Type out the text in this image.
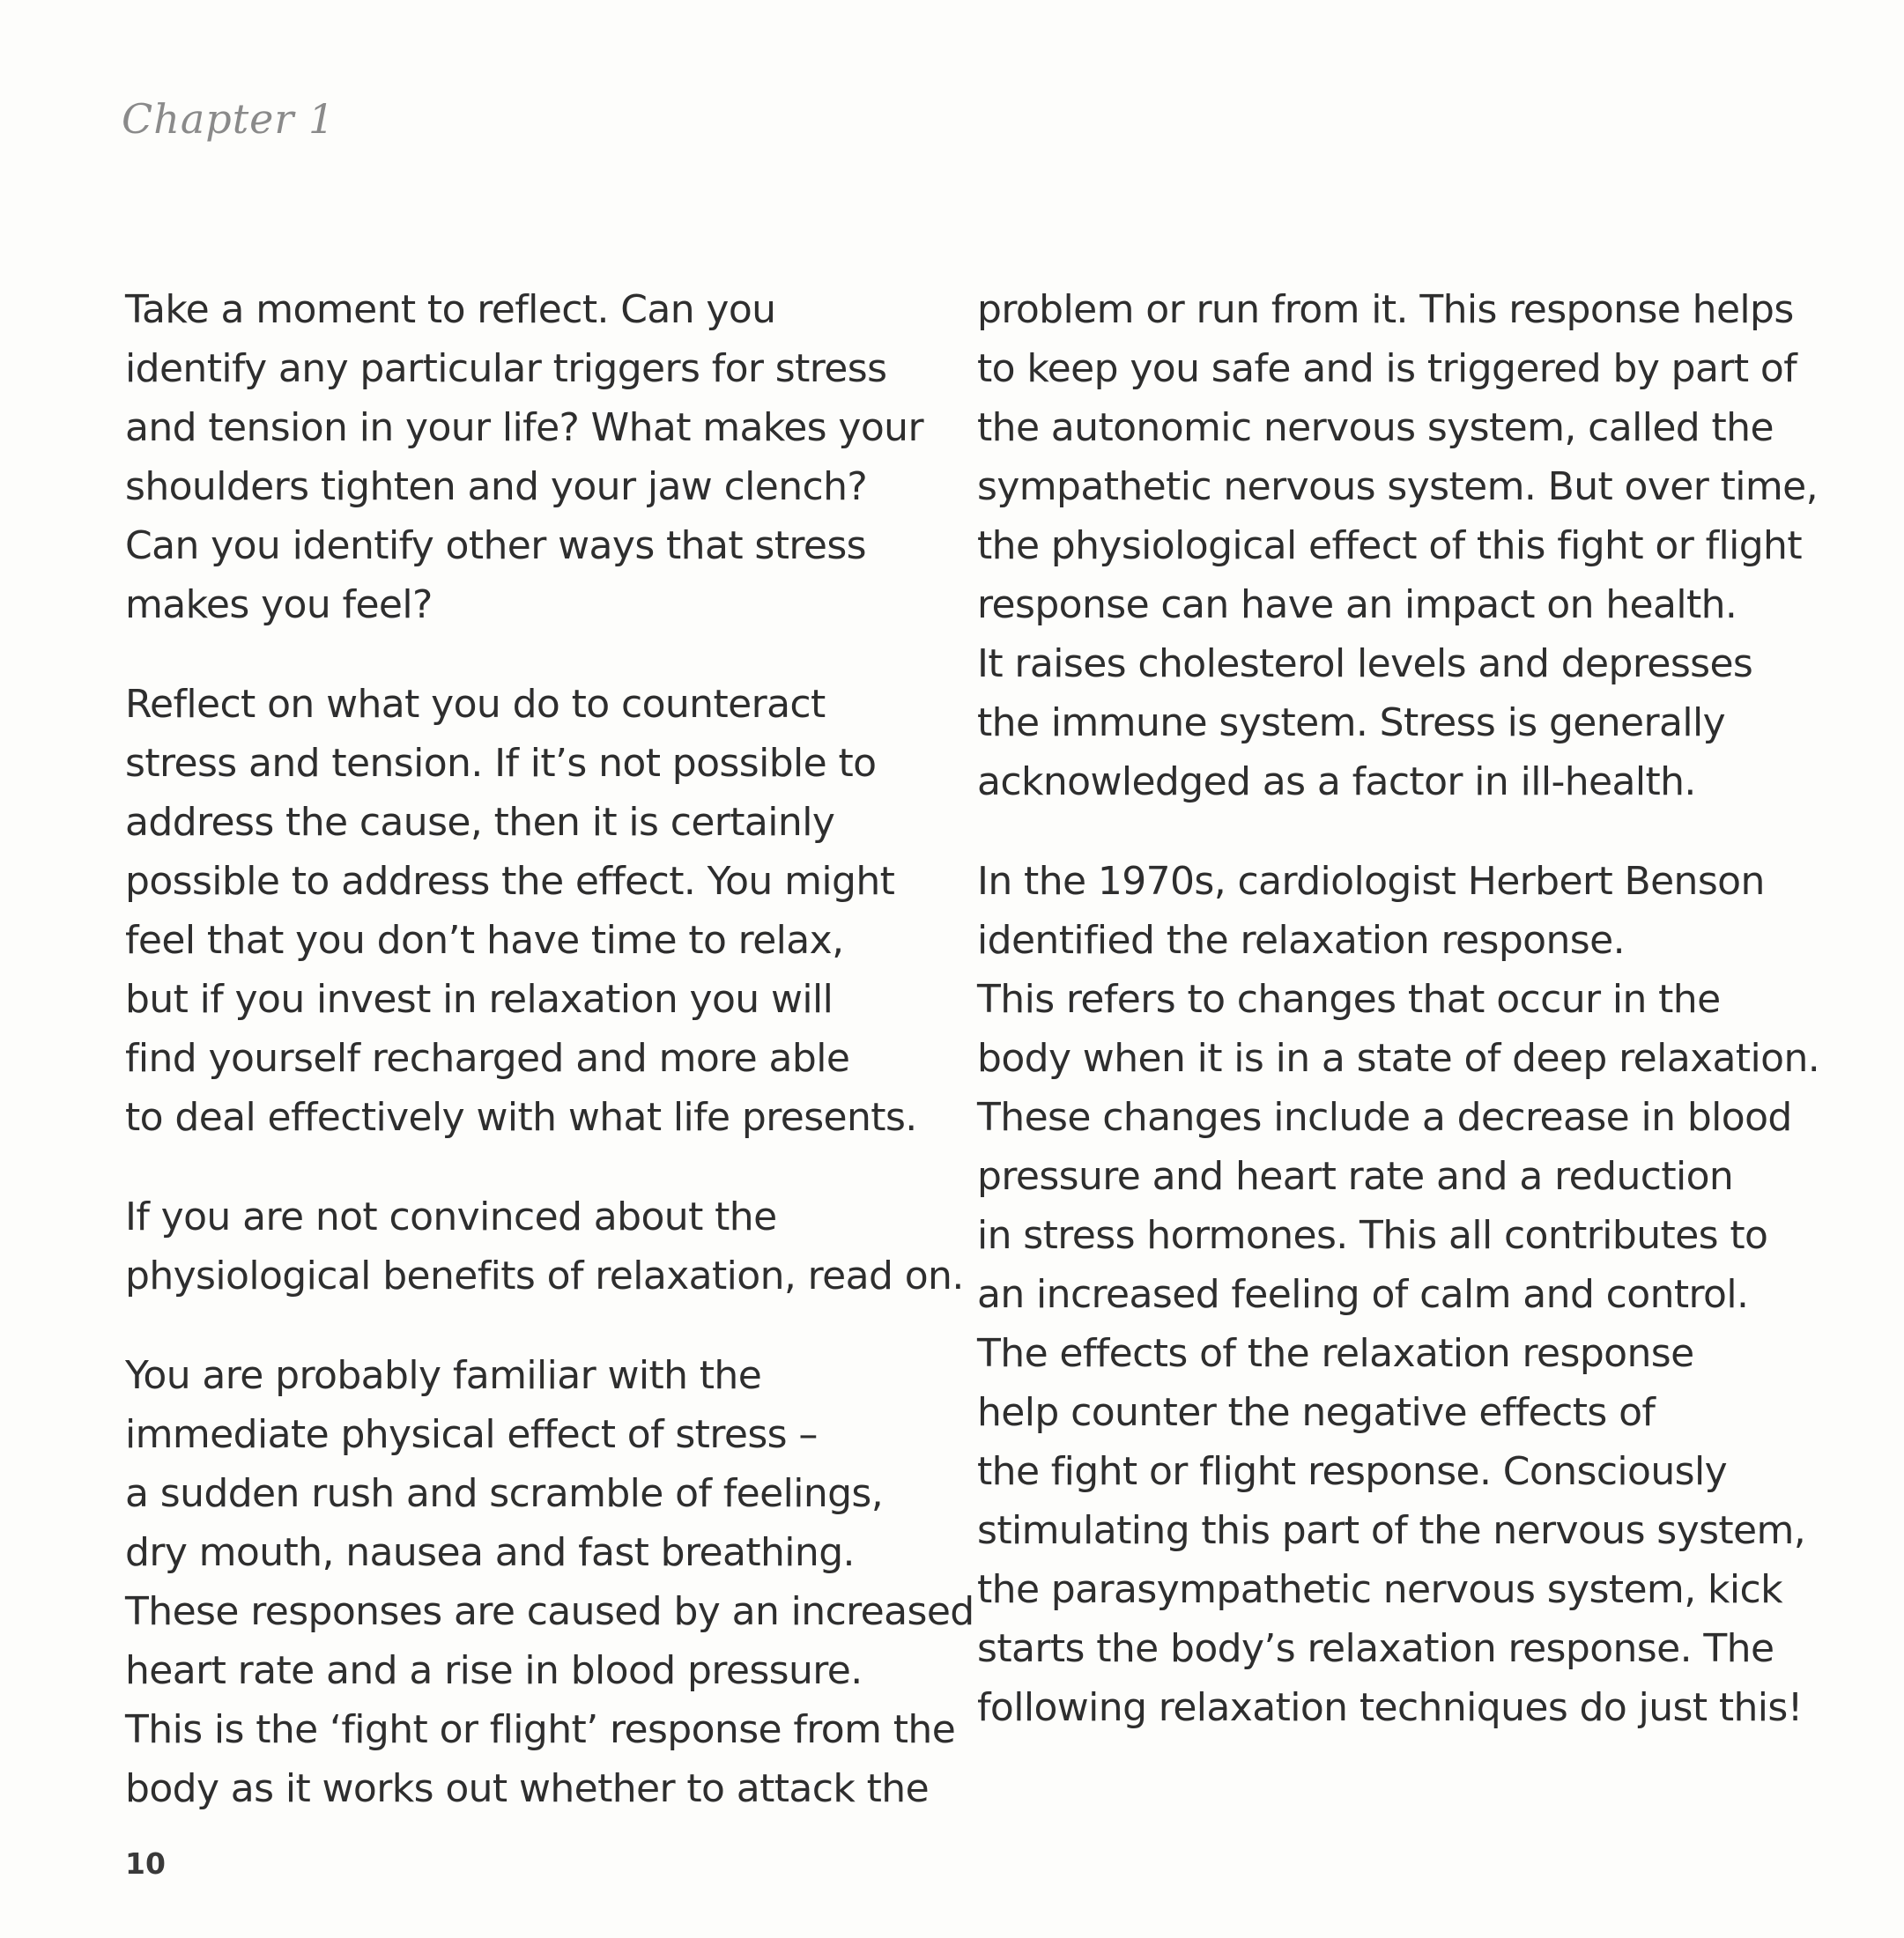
Chapter 1
Take a moment to reflect. Can you
identify any particular triggers for stress
and tension in your life? What makes your
shoulders tighten and your jaw clench?
Can you identify other ways that stress
makes you feel?
Reflect on what you do to counteract
stress and tension. If it’s not possible to
address the cause, then it is certainly
possible to address the effect. You might
feel that you don’t have time to relax,
but if you invest in relaxation you will
find yourself recharged and more able
to deal effectively with what life presents.
If you are not convinced about the
physiological benefits of relaxation, read on.
You are probably familiar with the
immediate physical effect of stress –
a sudden rush and scramble of feelings,
dry mouth, nausea and fast breathing.
These responses are caused by an increased
heart rate and a rise in blood pressure.
This is the ‘fight or flight’ response from the
body as it works out whether to attack the
problem or run from it. This response helps
to keep you safe and is triggered by part of
the autonomic nervous system, called the
sympathetic nervous system. But over time,
the physiological effect of this fight or flight
response can have an impact on health.
It raises cholesterol levels and depresses
the immune system. Stress is generally
acknowledged as a factor in ill-health.
In the 1970s, cardiologist Herbert Benson
identified the relaxation response.
This refers to changes that occur in the
body when it is in a state of deep relaxation.
These changes include a decrease in blood
pressure and heart rate and a reduction
in stress hormones. This all contributes to
an increased feeling of calm and control.
The effects of the relaxation response
help counter the negative effects of
the fight or flight response. Consciously
stimulating this part of the nervous system,
the parasympathetic nervous system, kick
starts the body’s relaxation response. The
following relaxation techniques do just this!
10
